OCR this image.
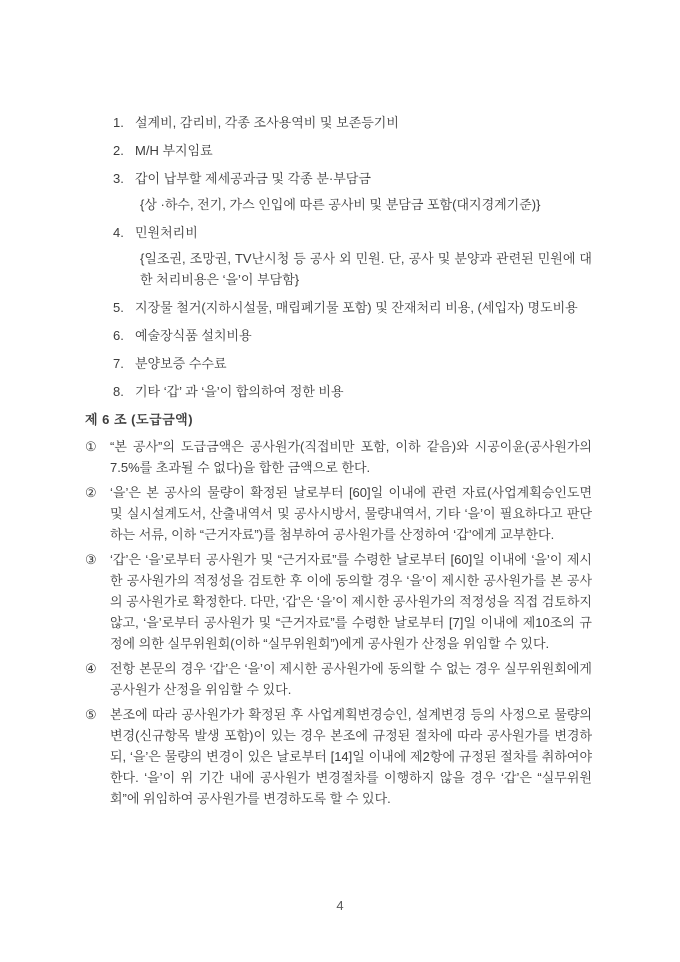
1. 설계비, 감리비, 각종 조사용역비 및 보존등기비
2. M/H 부지임료
3. 갑이 납부할 제세공과금 및 각종 분·부담금
{상 ·하수, 전기, 가스 인입에 따른 공사비 및 분담금 포함(대지경계기준)}
4. 민원처리비
{일조권, 조망권, TV난시청 등 공사 외 민원. 단, 공사 및 분양과 관련된 민원에 대한 처리비용은 ‘을’이 부담함}
5. 지장물 철거(지하시설물, 매립폐기물 포함) 및 잔재처리 비용, (세입자) 명도비용
6. 예술장식품 설치비용
7. 분양보증 수수료
8. 기타 ‘갑’ 과 ‘을’이 합의하여 정한 비용
제 6 조 (도급금액)
①	“본 공사”의 도급금액은 공사원가(직접비만 포함, 이하 같음)와 시공이윤(공사원가의 7.5%를 초과될 수 없다)을 합한 금액으로 한다.
②	‘을’은 본 공사의 물량이 확정된 날로부터 [60]일 이내에 관련 자료(사업계획승인도면 및 실시설계도서, 산출내역서 및 공사시방서, 물량내역서, 기타 ‘을’이 필요하다고 판단하는 서류, 이하 “근거자료”)를 첨부하여 공사원가를 산정하여 ‘갑’에게 교부한다.
③	‘갑’은 ‘을’로부터 공사원가 및 “근거자료”를 수령한 날로부터 [60]일 이내에 ‘을’이 제시한 공사원가의 적정성을 검토한 후 이에 동의할 경우 ‘을’이 제시한 공사원가를 본 공사의 공사원가로 확정한다. 다만, ‘갑’은 ‘을’이 제시한 공사원가의 적정성을 직접 검토하지 않고, ‘을’로부터 공사원가 및 “근거자료”를 수령한 날로부터 [7]일 이내에 제10조의 규정에 의한 실무위원회(이하 “실무위원회”)에게 공사원가 산정을 위임할 수 있다.
④	전항 본문의 경우 ‘갑’은 ‘을’이 제시한 공사원가에 동의할 수 없는 경우 실무위원회에게 공사원가 산정을 위임할 수 있다.
⑤	본조에 따라 공사원가가 확정된 후 사업계획변경승인, 설계변경 등의 사정으로 물량의 변경(신규항목 발생 포함)이 있는 경우 본조에 규정된 절차에 따라 공사원가를 변경하되, ‘을’은 물량의 변경이 있은 날로부터 [14]일 이내에 제2항에 규정된 절차를 취하여야 한다. ‘을’이 위 기간 내에 공사원가 변경절차를 이행하지 않을 경우 ‘갑’은 “실무위원회”에 위임하여 공사원가를 변경하도록 할 수 있다.
4
